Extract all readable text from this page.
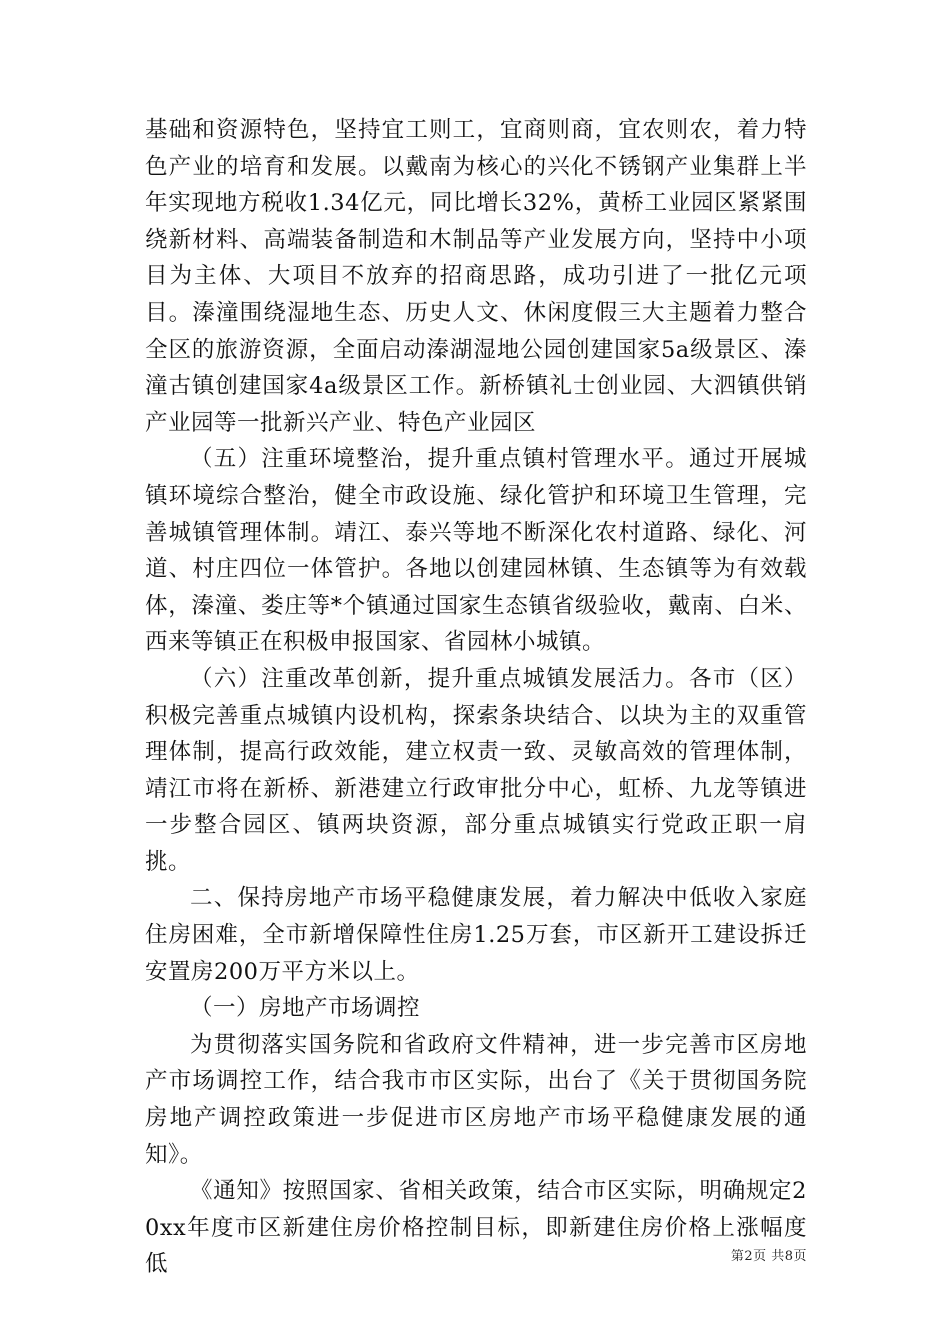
基础和资源特色，坚持宜工则工，宜商则商，宜农则农，着力特色产业的培育和发展。以戴南为核心的兴化不锈钢产业集群上半年实现地方税收1.34亿元，同比增长32%，黄桥工业园区紧紧围绕新材料、高端装备制造和木制品等产业发展方向，坚持中小项目为主体、大项目不放弃的招商思路，成功引进了一批亿元项目。溱潼围绕湿地生态、历史人文、休闲度假三大主题着力整合全区的旅游资源，全面启动溱湖湿地公园创建国家5a级景区、溱潼古镇创建国家4a级景区工作。新桥镇礼士创业园、大泗镇供销产业园等一批新兴产业、特色产业园区

（五）注重环境整治，提升重点镇村管理水平。通过开展城镇环境综合整治，健全市政设施、绿化管护和环境卫生管理，完善城镇管理体制。靖江、泰兴等地不断深化农村道路、绿化、河道、村庄四位一体管护。各地以创建园林镇、生态镇等为有效载体，溱潼、娄庄等*个镇通过国家生态镇省级验收，戴南、白米、西来等镇正在积极申报国家、省园林小城镇。

（六）注重改革创新，提升重点城镇发展活力。各市（区）积极完善重点城镇内设机构，探索条块结合、以块为主的双重管理体制，提高行政效能，建立权责一致、灵敏高效的管理体制，靖江市将在新桥、新港建立行政审批分中心，虹桥、九龙等镇进一步整合园区、镇两块资源，部分重点城镇实行党政正职一肩挑。

二、保持房地产市场平稳健康发展，着力解决中低收入家庭住房困难，全市新增保障性住房1.25万套，市区新开工建设拆迁安置房200万平方米以上。

（一）房地产市场调控

为贯彻落实国务院和省政府文件精神，进一步完善市区房地产市场调控工作，结合我市市区实际，出台了《关于贯彻国务院房地产调控政策进一步促进市区房地产市场平稳健康发展的通知》。

《通知》按照国家、省相关政策，结合市区实际，明确规定20xx年度市区新建住房价格控制目标，即新建住房价格上涨幅度低	第2页 共8页
